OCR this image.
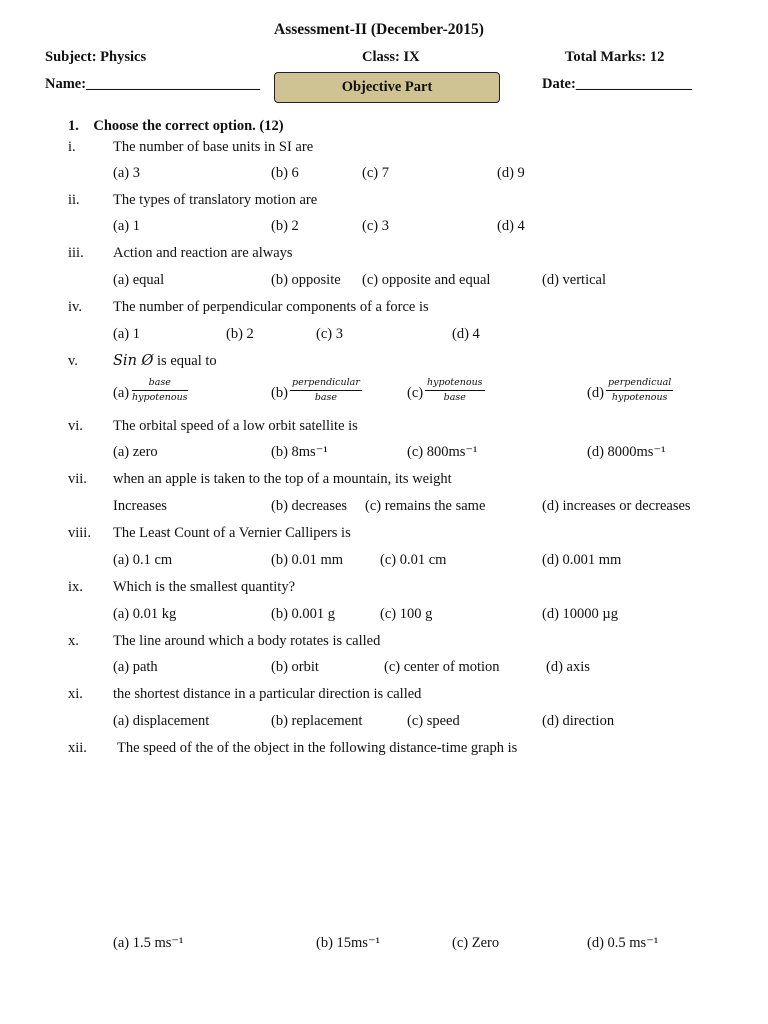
Assessment-II (December-2015)
Subject: Physics	Class: IX	Total Marks: 12
Name:________________________	Objective Part	Date:________________
1. Choose the correct option. (12)
i.	The number of base units in SI are
(a) 3	(b) 6	(c) 7	(d) 9
ii. The types of translatory motion are
(a) 1	(b) 2	(c) 3	(d) 4
iii. Action and reaction are always
(a) equal	(b) opposite (c) opposite and equal	(d) vertical
iv. The number of perpendicular components of a force is
(a) 1	(b) 2	(c) 3	(d) 4
v. Sin Ø is equal to
(a)
base
hypotenous	(b)
perpendicular
base	(c)
hypotenous
base	(d)
perpendicual
hypotenous
vi. The orbital speed of a low orbit satellite is
(a) zero	(b) 8ms⁻¹	(c) 800ms⁻¹	(d) 8000ms⁻¹
vii. when an apple is taken to the top of a mountain, its weight
Increases	(b) decreases (c) remains the same	(d) increases or decreases
viii. The Least Count of a Vernier Callipers is
(a) 0.1 cm	(b) 0.01 mm	(c) 0.01 cm	(d) 0.001 mm
ix. Which is the smallest quantity?
(a) 0.01 kg	(b) 0.001 g	(c) 100 g	(d) 10000 µg
x. The line around which a body rotates is called
(a) path	(b) orbit	(c) center of motion	(d) axis
xi. the shortest distance in a particular direction is called
(a) displacement	(b) replacement	(c) speed	(d) direction
xii. The speed of the of the object in the following distance-time graph is
(a) 1.5 ms⁻¹	(b) 15ms⁻¹	(c) Zero	(d) 0.5 ms⁻¹
